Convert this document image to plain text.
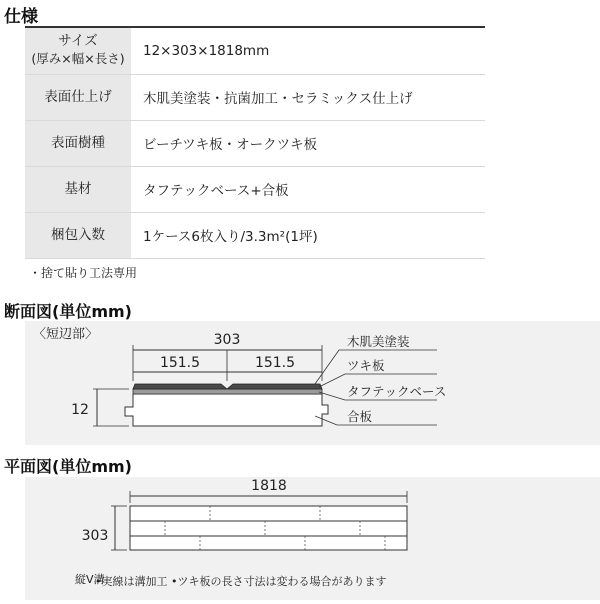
仕様
サイズ
(厚み×幅×長さ)	12×303×1818mm
表面仕上げ	木肌美塗装・抗菌加工・セラミックス仕上げ
表面樹種	ビーチツキ板・オークツキ板
基材	タフテックベース+合板
梱包入数	1ケース6枚入り/3.3m²(1坪)
・捨て貼り工法専用
断面図(単位mm)
〈短辺部〉	303
151.5	151.5
12
木肌美塗装
ツキ板
タフテックベース
合板
平面図(単位mm)
1818
303
縦V溝
•実線は溝加工 •ツキ板の長さ寸法は変わる場合があります
